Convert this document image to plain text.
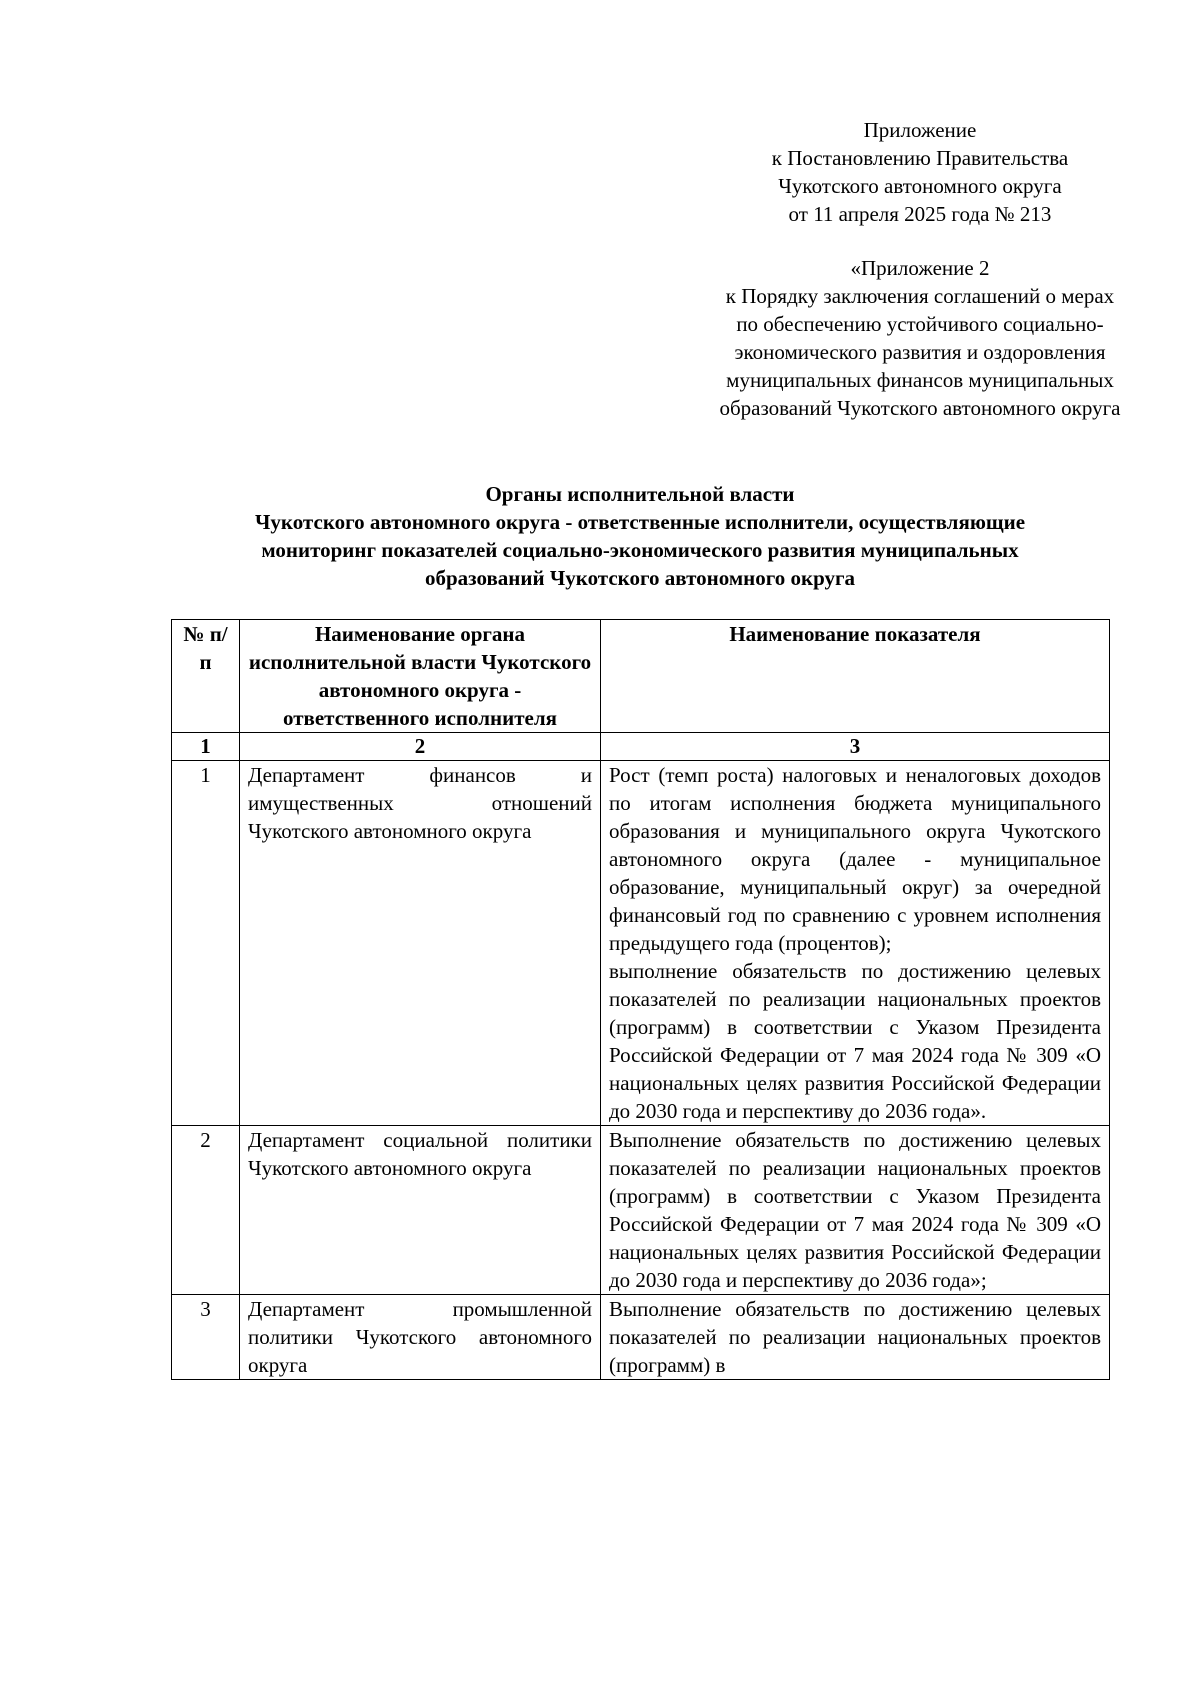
Приложение
к Постановлению Правительства
Чукотского автономного округа
от 11 апреля 2025 года № 213
«Приложение 2
к Порядку заключения соглашений о мерах
по обеспечению устойчивого социально-
экономического развития и оздоровления
муниципальных финансов муниципальных
образований Чукотского автономного округа
Органы исполнительной власти
Чукотского автономного округа - ответственные исполнители, осуществляющие
мониторинг показателей социально-экономического развития муниципальных
образований Чукотского автономного округа
№ п/п	Наименование органа исполнительной власти Чукотского автономного округа - ответственного исполнителя	Наименование показателя
1	2	3
1	Департамент финансов и имущественных отношений Чукотского автономного округа	Рост (темп роста) налоговых и неналоговых доходов по итогам исполнения бюджета муниципального образования и муниципального округа Чукотского автономного округа (далее - муниципальное образование, муниципальный округ) за очередной финансовый год по сравнению с уровнем исполнения предыдущего года (процентов);
выполнение обязательств по достижению целевых показателей по реализации национальных проектов (программ) в соответствии с Указом Президента Российской Федерации от 7 мая 2024 года № 309 «О национальных целях развития Российской Федерации до 2030 года и перспективу до 2036 года».

2	Департамент социальной политики Чукотского автономного округа	Выполнение обязательств по достижению целевых показателей по реализации национальных проектов (программ) в соответствии с Указом Президента Российской Федерации от 7 мая 2024 года № 309 «О национальных целях развития Российской Федерации до 2030 года и перспективу до 2036 года»;

3	Департамент промышленной политики Чукотского автономного округа	Выполнение обязательств по достижению целевых показателей по реализации национальных проектов (программ) в
